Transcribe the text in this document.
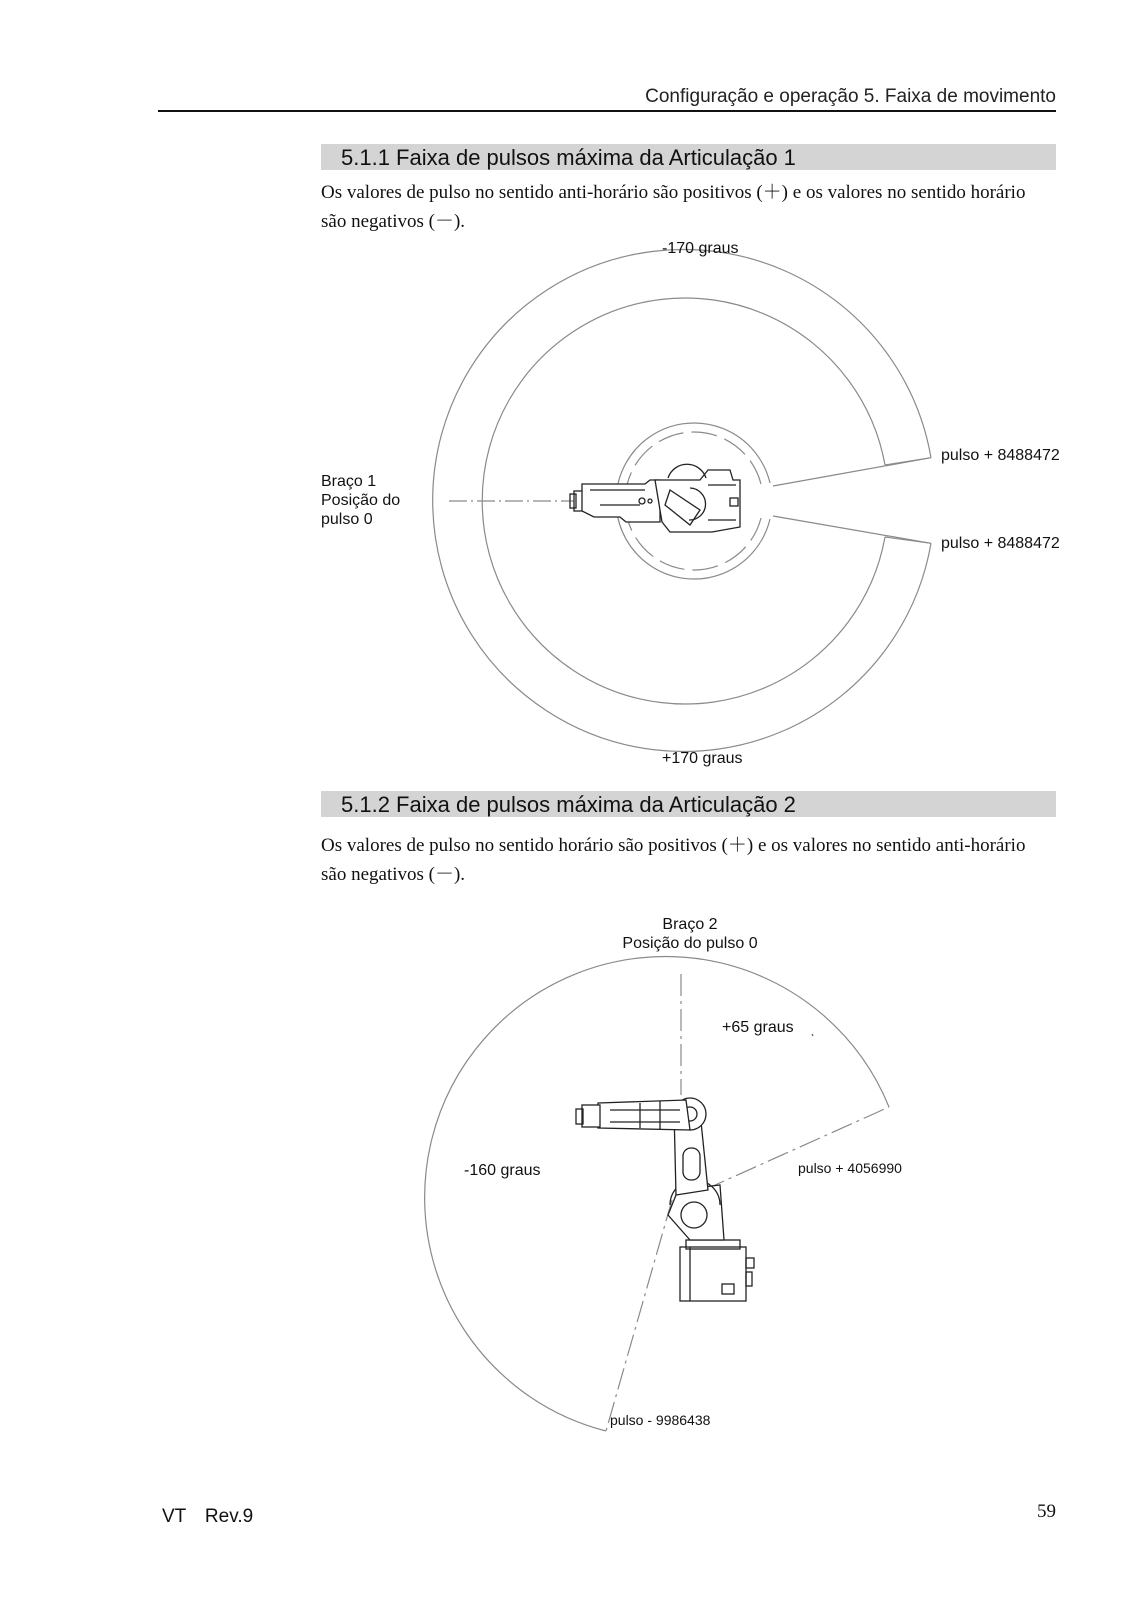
Configuração e operação 5. Faixa de movimento
5.1.1 Faixa de pulsos máxima da Articulação 1

Os valores de pulso no sentido anti-horário são positivos (＋) e os valores no sentido horário

são negativos (－).

5.1.2 Faixa de pulsos máxima da Articulação 2

Os valores de pulso no sentido horário são positivos (＋) e os valores no sentido anti-horário

são negativos (－).

-170 graus
+170 graus
pulso + 8488472
pulso + 8488472
Braço 1
Posição do
pulso 0
Braço 2
Posição do pulso 0
+65 graus
-160 graus	pulso + 4056990
pulso - 9986438
VT　Rev.9	59
